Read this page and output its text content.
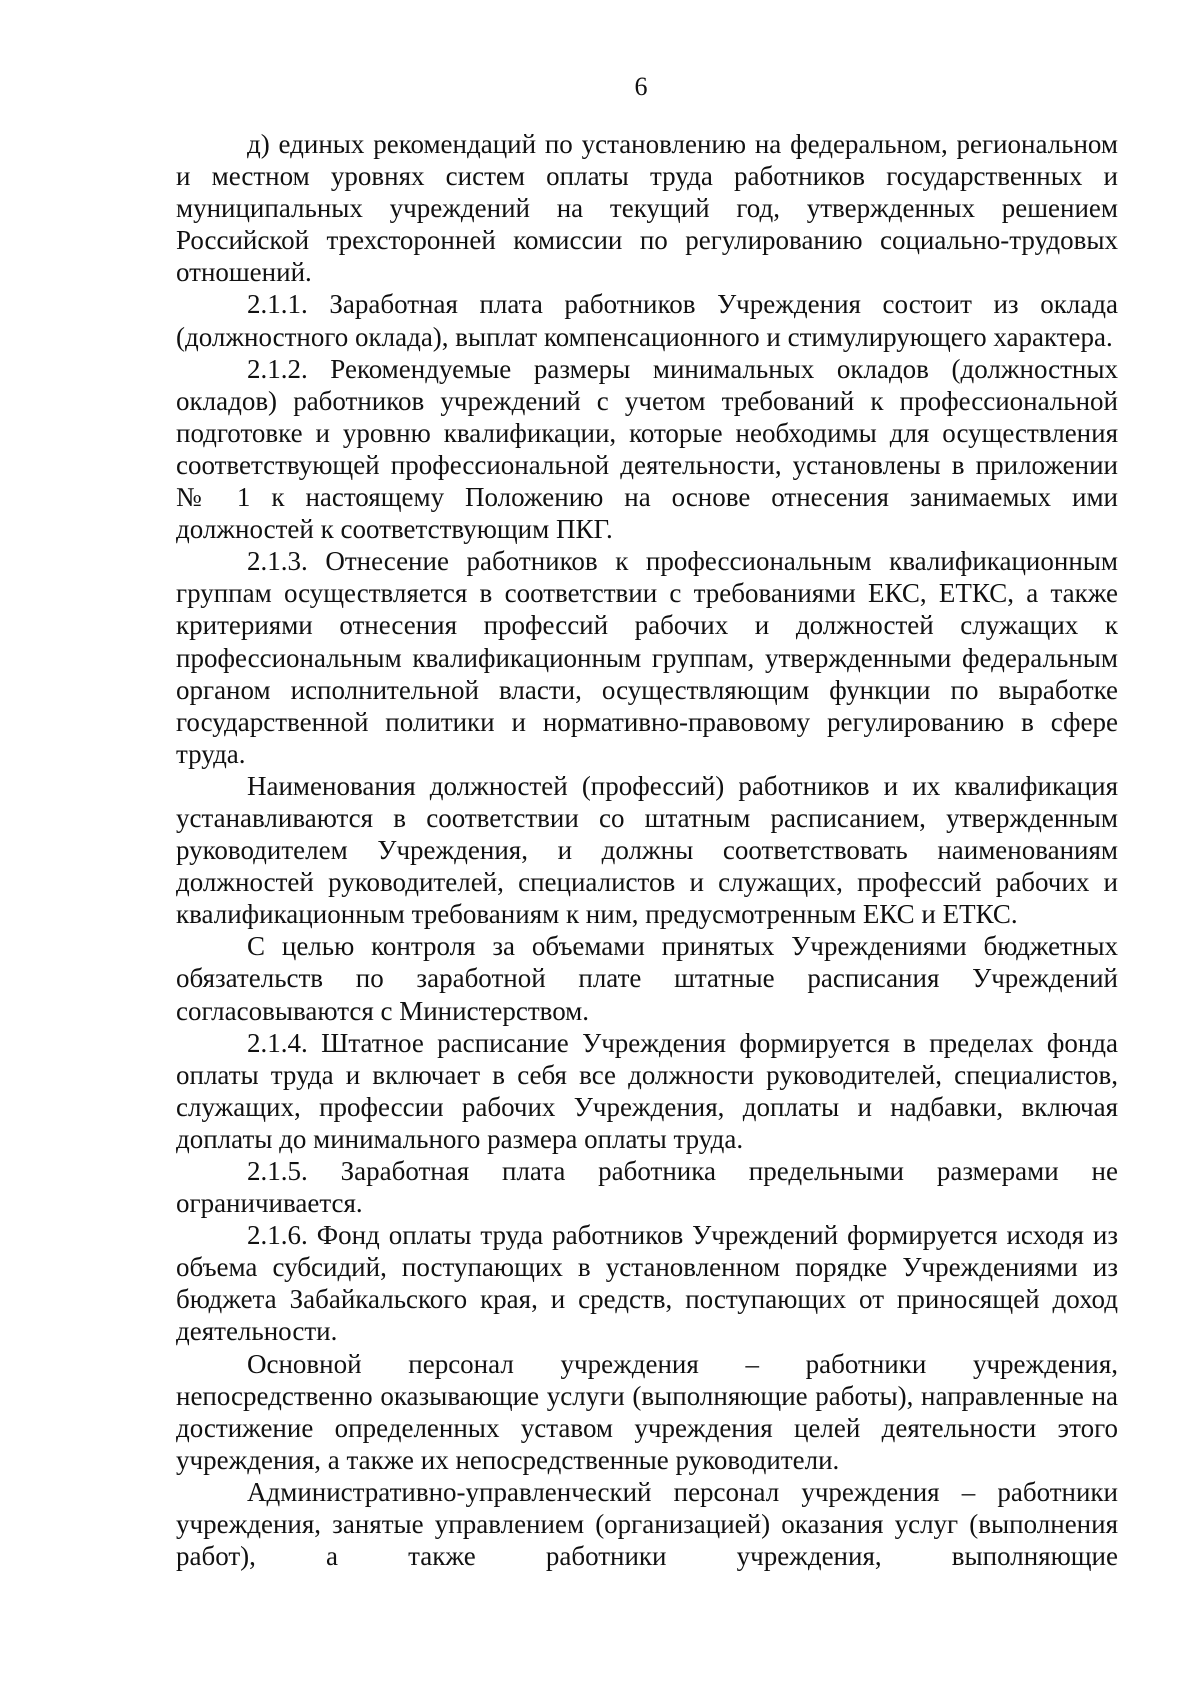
6

д) единых рекомендаций по установлению на федеральном, региональном и местном уровнях систем оплаты труда работников государственных и муниципальных учреждений на текущий год, утвержденных решением Российской трехсторонней комиссии по регулированию социально-трудовых отношений.

2.1.1. Заработная плата работников Учреждения состоит из оклада (должностного оклада), выплат компенсационного и стимулирующего характера.

2.1.2. Рекомендуемые размеры минимальных окладов (должностных окладов) работников учреждений с учетом требований к профессиональной подготовке и уровню квалификации, которые необходимы для осуществления соответствующей профессиональной деятельности, установлены в приложении № 1 к настоящему Положению на основе отнесения занимаемых ими должностей к соответствующим ПКГ.

2.1.3. Отнесение работников к профессиональным квалификационным группам осуществляется в соответствии с требованиями ЕКС, ЕТКС, а также критериями отнесения профессий рабочих и должностей служащих к профессиональным квалификационным группам, утвержденными федеральным органом исполнительной власти, осуществляющим функции по выработке государственной политики и нормативно-правовому регулированию в сфере труда.

Наименования должностей (профессий) работников и их квалификация устанавливаются в соответствии со штатным расписанием, утвержденным руководителем Учреждения, и должны соответствовать наименованиям должностей руководителей, специалистов и служащих, профессий рабочих и квалификационным требованиям к ним, предусмотренным ЕКС и ЕТКС.

С целью контроля за объемами принятых Учреждениями бюджетных обязательств по заработной плате штатные расписания Учреждений согласовываются с Министерством.

2.1.4. Штатное расписание Учреждения формируется в пределах фонда оплаты труда и включает в себя все должности руководителей, специалистов, служащих, профессии рабочих Учреждения, доплаты и надбавки, включая доплаты до минимального размера оплаты труда.

2.1.5. Заработная плата работника предельными размерами не ограничивается.

2.1.6. Фонд оплаты труда работников Учреждений формируется исходя из объема субсидий, поступающих в установленном порядке Учреждениями из бюджета Забайкальского края, и средств, поступающих от приносящей доход деятельности.

Основной персонал учреждения – работники учреждения, непосредственно оказывающие услуги (выполняющие работы), направленные на достижение определенных уставом учреждения целей деятельности этого учреждения, а также их непосредственные руководители.

Административно-управленческий персонал учреждения – работники учреждения, занятые управлением (организацией) оказания услуг (выполнения работ), а также работники учреждения, выполняющие
